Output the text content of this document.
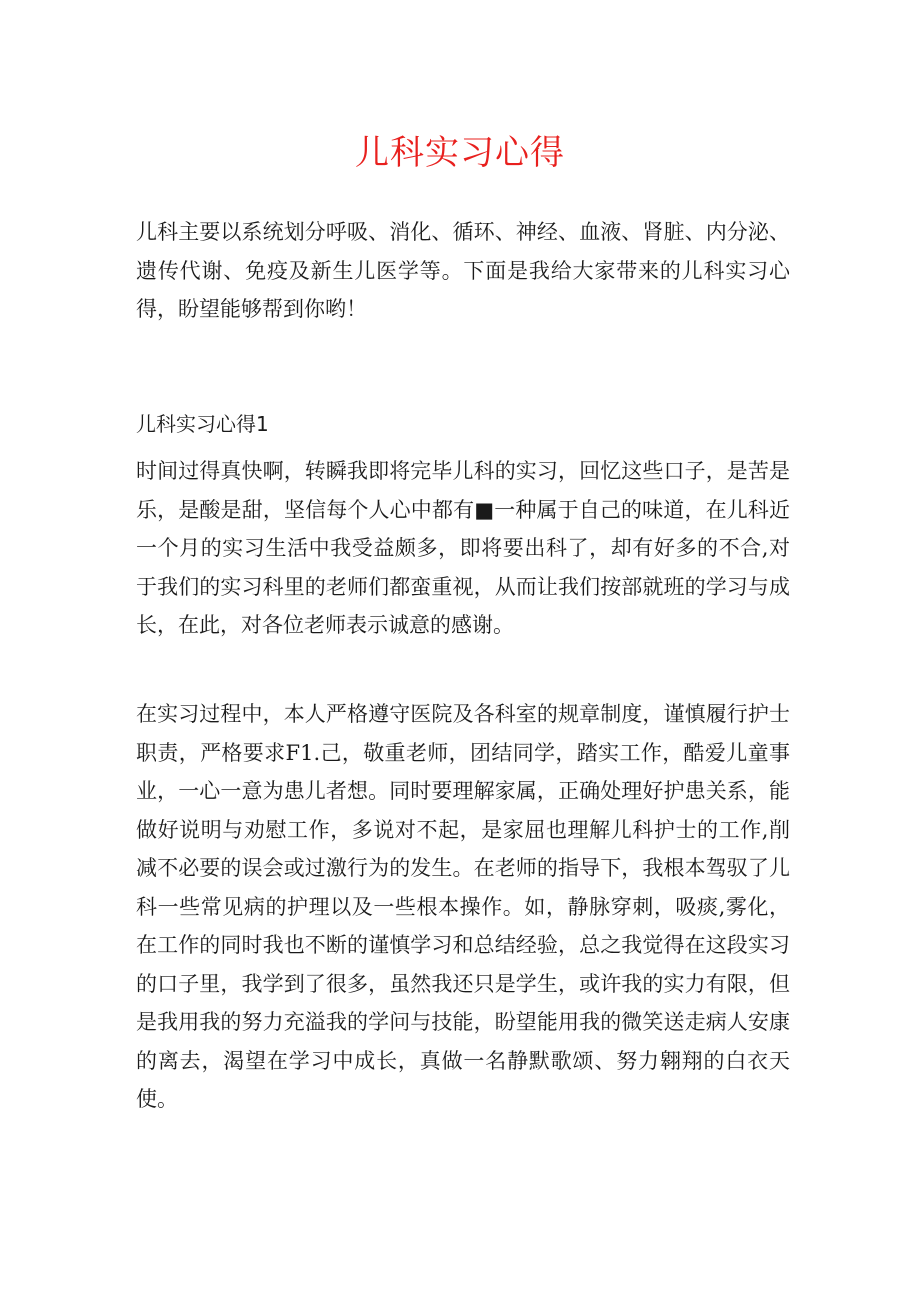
儿科实习心得

儿科主要以系统划分呼吸、消化、循环、神经、血液、肾脏、内分泌、遗传代谢、免疫及新生儿医学等。下面是我给大家带来的儿科实习心得，盼望能够帮到你哟！

儿科实习心得1

时间过得真快啊，转瞬我即将完毕儿科的实习，回忆这些口子，是苦是乐，是酸是甜，坚信每个人心中都有■一种属于自己的味道，在儿科近一个月的实习生活中我受益颇多，即将要出科了，却有好多的不合,对于我们的实习科里的老师们都蛮重视，从而让我们按部就班的学习与成长，在此，对各位老师表示诚意的感谢。

在实习过程中，本人严格遵守医院及各科室的规章制度，谨慎履行护士职责，严格要求F1.己，敬重老师，团结同学，踏实工作，酷爱儿童事业，一心一意为患儿者想。同时要理解家属，正确处理好护患关系，能做好说明与劝慰工作，多说对不起，是家屈也理解儿科护士的工作,削减不必要的误会或过激行为的发生。在老师的指导下，我根本驾驭了儿科一些常见病的护理以及一些根本操作。如，静脉穿刺，吸痰,雾化，在工作的同时我也不断的谨慎学习和总结经验，总之我觉得在这段实习的口子里，我学到了很多，虽然我还只是学生，或许我的实力有限，但是我用我的努力充溢我的学问与技能，盼望能用我的微笑送走病人安康的离去，渴望在学习中成长，真做一名静默歌颂、努力翱翔的白衣天使。
